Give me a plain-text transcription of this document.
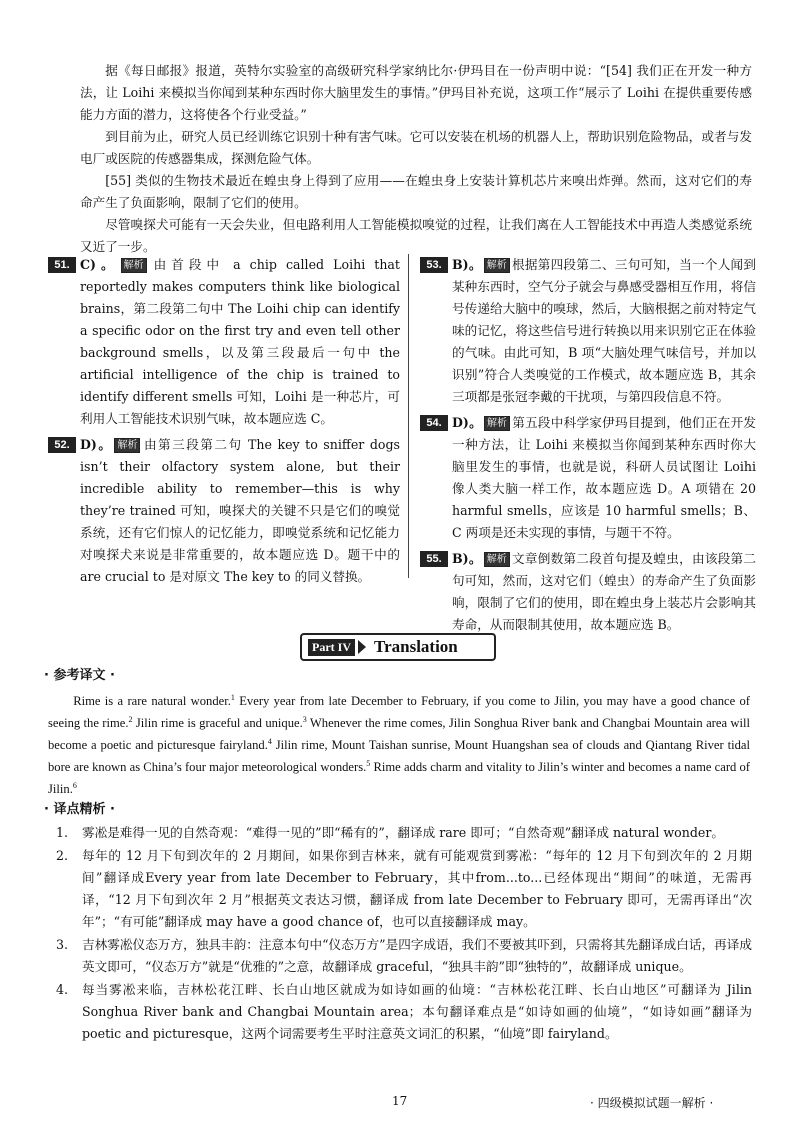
据《每日邮报》报道，英特尔实验室的高级研究科学家纳比尔·伊玛目在一份声明中说：“[54] 我们正在开发一种方法，让 Loihi 来模拟当你闻到某种东西时你大脑里发生的事情。”伊玛目补充说，这项工作“展示了 Loihi 在提供重要传感能力方面的潜力，这将使各个行业受益。”

到目前为止，研究人员已经训练它识别十种有害气味。它可以安装在机场的机器人上，帮助识别危险物品，或者与发电厂或医院的传感器集成，探测危险气体。

[55] 类似的生物技术最近在蝗虫身上得到了应用——在蝗虫身上安装计算机芯片来嗅出炸弹。然而，这对它们的寿命产生了负面影响，限制了它们的使用。

尽管嗅探犬可能有一天会失业，但电路利用人工智能模拟嗅觉的过程，让我们离在人工智能技术中再造人类感觉系统又近了一步。

51. C)。 解析 由首段中 a chip called Loihi that reportedly makes computers think like biological brains，第二段第二句中 The Loihi chip can identify a specific odor on the first try and even tell other background smells，以及第三段最后一句中 the artificial intelligence of the chip is trained to identify different smells 可知，Loihi 是一种芯片，可利用人工智能技术识别气味，故本题应选 C。

52. D)。 解析 由第三段第二句 The key to sniffer dogs isn’t their olfactory system alone, but their incredible ability to remember—this is why they’re trained 可知，嗅探犬的关键不只是它们的嗅觉系统，还有它们惊人的记忆能力，即嗅觉系统和记忆能力对嗅探犬来说是非常重要的，故本题应选 D。题干中的 are crucial to 是对原文 The key to 的同义替换。

53. B)。 解析 根据第四段第二、三句可知，当一个人闻到某种东西时，空气分子就会与鼻感受器相互作用，将信号传递给大脑中的嗅球，然后，大脑根据之前对特定气味的记忆，将这些信号进行转换以用来识别它正在体验的气味。由此可知，B 项“大脑处理气味信号，并加以识别”符合人类嗅觉的工作模式，故本题应选 B，其余三项都是张冠李戴的干扰项，与第四段信息不符。

54. D)。 解析 第五段中科学家伊玛目提到，他们正在开发一种方法，让 Loihi 来模拟当你闻到某种东西时你大脑里发生的事情，也就是说，科研人员试图让 Loihi 像人类大脑一样工作，故本题应选 D。A 项错在 20 harmful smells，应该是 10 harmful smells；B、C 两项是还未实现的事情，与题干不符。

55. B)。 解析 文章倒数第二段首句提及蝗虫，由该段第二句可知，然而，这对它们（蝗虫）的寿命产生了负面影响，限制了它们的使用，即在蝗虫身上装芯片会影响其寿命，从而限制其使用，故本题应选 B。

Part IV Translation
· 参考译文 ·

Rime is a rare natural wonder.$^1$ Every year from late December to February, if you come to Jilin, you may have a good chance of seeing the rime.$^2$ Jilin rime is graceful and unique.$^3$ Whenever the rime comes, Jilin Songhua River bank and Changbai Mountain area will become a poetic and picturesque fairyland.$^4$ Jilin rime, Mount Taishan sunrise, Mount Huangshan sea of clouds and Qiantang River tidal bore are known as China’s four major meteorological wonders.$^5$ Rime adds charm and vitality to Jilin’s winter and becomes a name card of Jilin.$^6$

· 译点精析 ·

1. 雾凇是难得一见的自然奇观：“难得一见的”即“稀有的”，翻译成 rare 即可；“自然奇观”翻译成 natural wonder。

2. 每年的 12 月下旬到次年的 2 月期间，如果你到吉林来，就有可能观赏到雾凇：“每年的 12 月下旬到次年的 2 月期间”翻译成Every year from late December to February，其中from...to...已经体现出“期间”的味道，无需再译，“12 月下旬到次年 2 月”根据英文表达习惯，翻译成 from late December to February 即可，无需再译出“次年”；“有可能”翻译成 may have a good chance of，也可以直接翻译成 may。

3. 吉林雾凇仪态万方，独具丰韵：注意本句中“仪态万方”是四字成语，我们不要被其吓到，只需将其先翻译成白话，再译成英文即可，“仪态万方”就是“优雅的”之意，故翻译成 graceful，“独具丰韵”即“独特的”，故翻译成 unique。

4. 每当雾凇来临，吉林松花江畔、长白山地区就成为如诗如画的仙境：“吉林松花江畔、长白山地区”可翻译为 Jilin Songhua River bank and Changbai Mountain area；本句翻译难点是“如诗如画的仙境”，“如诗如画”翻译为 poetic and picturesque，这两个词需要考生平时注意英文词汇的积累，“仙境”即 fairyland。

17	· 四级模拟试题一解析 ·
